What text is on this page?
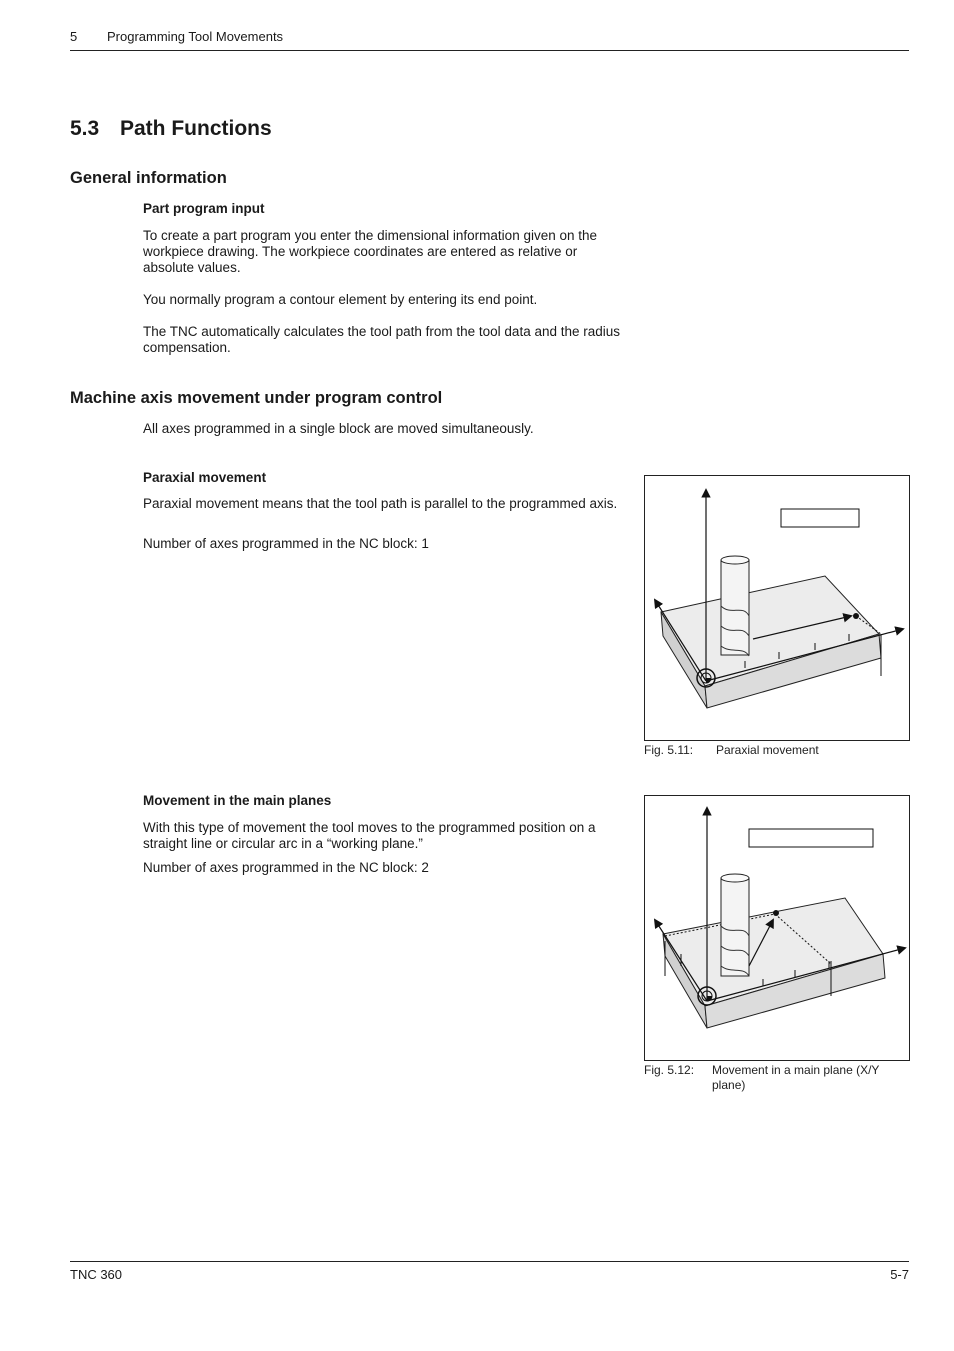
5 Programming Tool Movements
5.3 Path Functions
General information
Part program input

To create a part program you enter the dimensional information given on the workpiece drawing. The workpiece coordinates are entered as relative or absolute values.

You normally program a contour element by entering its end point.

The TNC automatically calculates the tool path from the tool data and the radius compensation.

Machine axis movement under program control

All axes programmed in a single block are moved simultaneously.

Paraxial movement

Paraxial movement means that the tool path is parallel to the programmed axis.

Number of axes programmed in the NC block: 1

Fig. 5.11: Paraxial movement
Movement in the main planes

With this type of movement the tool moves to the programmed position on a straight line or circular arc in a “working plane.”

Number of axes programmed in the NC block: 2

Fig. 5.12: Movement in a main plane (X/Y plane)
TNC 360	5-7
